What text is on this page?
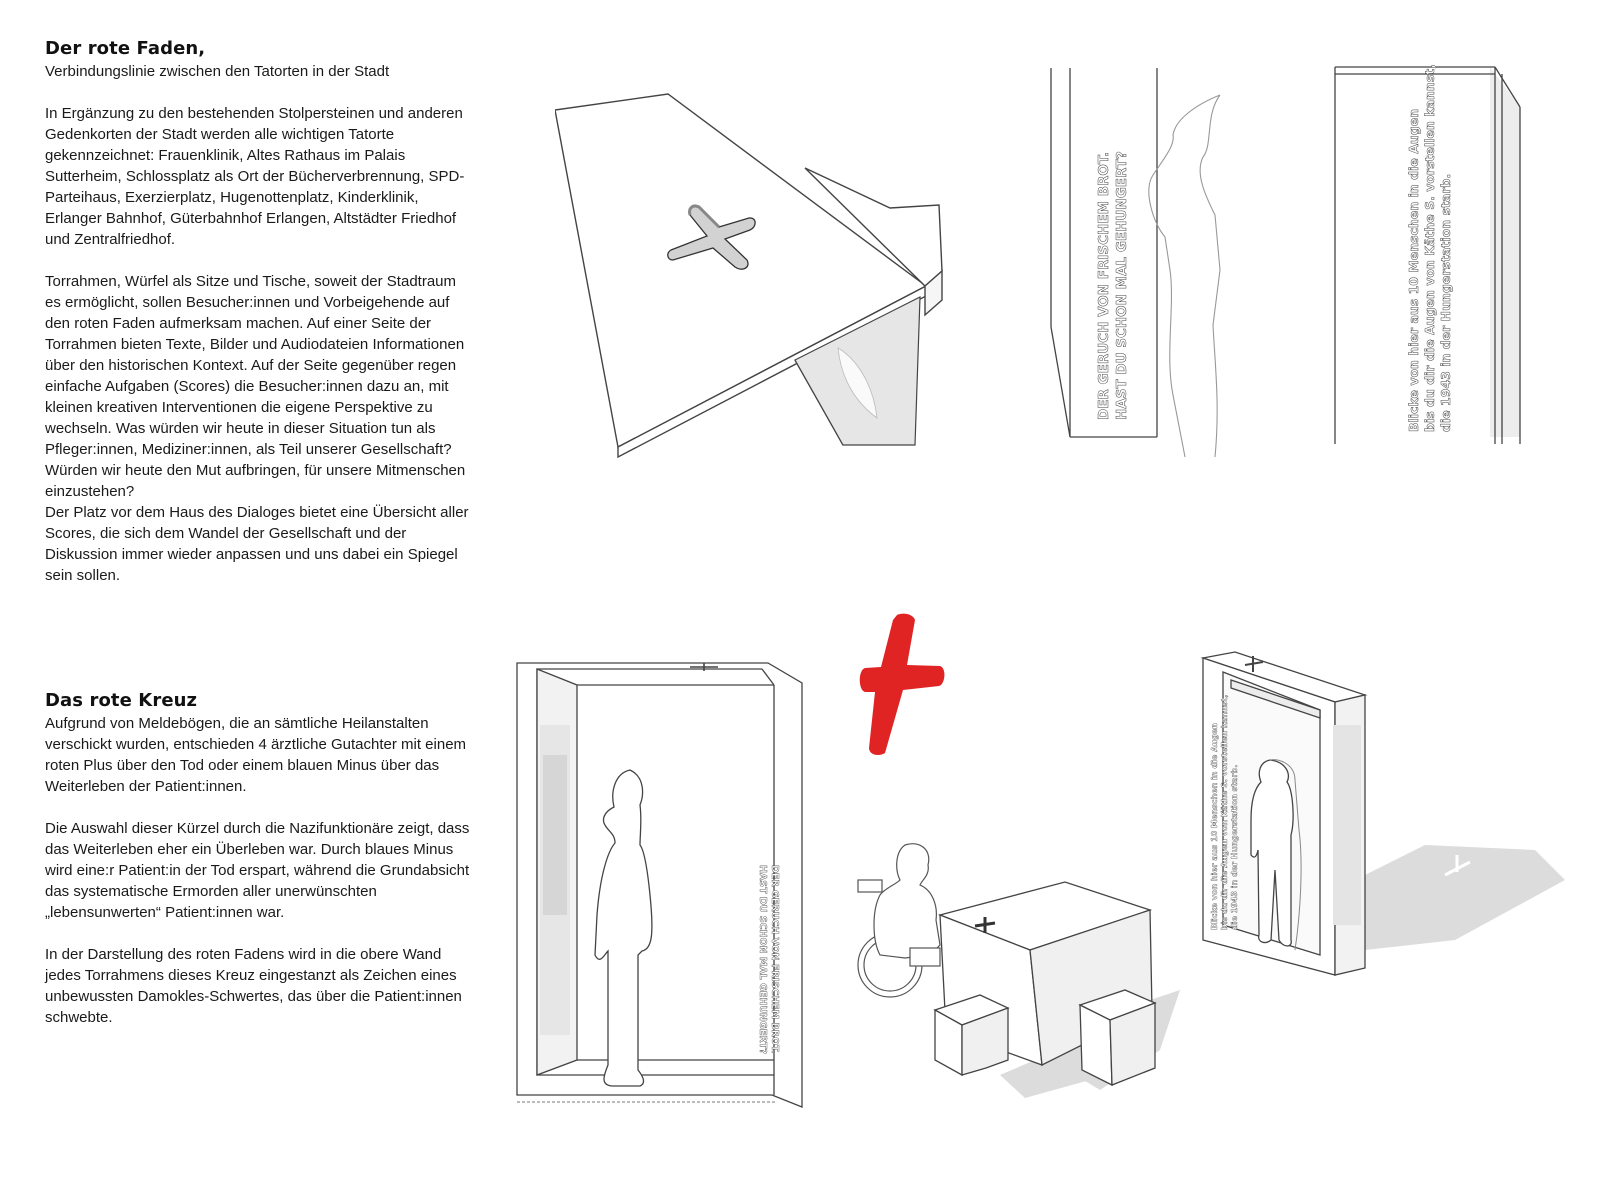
Der rote Faden,
Verbindungslinie zwischen den Tatorten in der Stadt

In Ergänzung zu den bestehenden Stolpersteinen und anderen Gedenkorten der Stadt werden alle wichtigen Tatorte gekennzeichnet: Frauenklinik, Altes Rathaus im Palais Sutterheim, Schlossplatz als Ort der Bücherverbrennung, SPD-Parteihaus, Exerzierplatz, Hugenottenplatz, Kinderklinik, Erlanger Bahnhof, Güterbahnhof Erlangen, Altstädter Friedhof und Zentralfriedhof.

Torrahmen, Würfel als Sitze und Tische, soweit der Stadtraum es ermöglicht, sollen Besucher:innen und Vorbeigehende auf den roten Faden aufmerksam machen. Auf einer Seite der Torrahmen bieten Texte, Bilder und Audiodateien Informationen über den historischen Kontext. Auf der Seite gegenüber regen einfache Aufgaben (Scores) die Besucher:innen dazu an, mit kleinen kreativen Interventionen die eigene Perspektive zu wechseln. Was würden wir heute in dieser Situation tun als Pfleger:innen, Mediziner:innen, als Teil unserer Gesellschaft? Würden wir heute den Mut aufbringen, für unsere Mitmenschen einzustehen?

Der Platz vor dem Haus des Dialoges bietet eine Übersicht aller Scores, die sich dem Wandel der Gesellschaft und der Diskussion immer wieder anpassen und uns dabei ein Spiegel sein sollen.

Das rote Kreuz

Aufgrund von Meldebögen, die an sämtliche Heilanstalten verschickt wurden, entschieden 4 ärztliche Gutachter mit einem roten Plus über den Tod oder einem blauen Minus über das Weiterleben der Patient:innen.

Die Auswahl dieser Kürzel durch die Nazifunktionäre zeigt, dass das Weiterleben eher ein Überleben war. Durch blaues Minus wird eine:r Patient:in der Tod erspart, während die Grundabsicht das systematische Ermorden aller unerwünschten „lebensunwerten“ Patient:innen war.

In der Darstellung des roten Fadens wird in die obere Wand jedes Torrahmens dieses Kreuz eingestanzt als Zeichen eines unbewussten Damokles-Schwertes, das über die Patient:innen schwebte.

DER GERUCH VON FRISCHEM BROT. HAST DU SCHON MAL GEHUNGERT?	Blicke von hier aus 10 Menschen in die Augen bis du dir die Augen von Käthe S. vorstellen kannst, die 1943 in der Hungerstation starb.
DER GERUCH VON FRISCHEM BROT.
HAST DU SCHON MAL GEHUNGERT?
Blicke von hier aus 10 Menschen in die Augen bis du dir die Augen von Käthe S. vorstellen kannst, die 1943 in der Hungerstation starb.
